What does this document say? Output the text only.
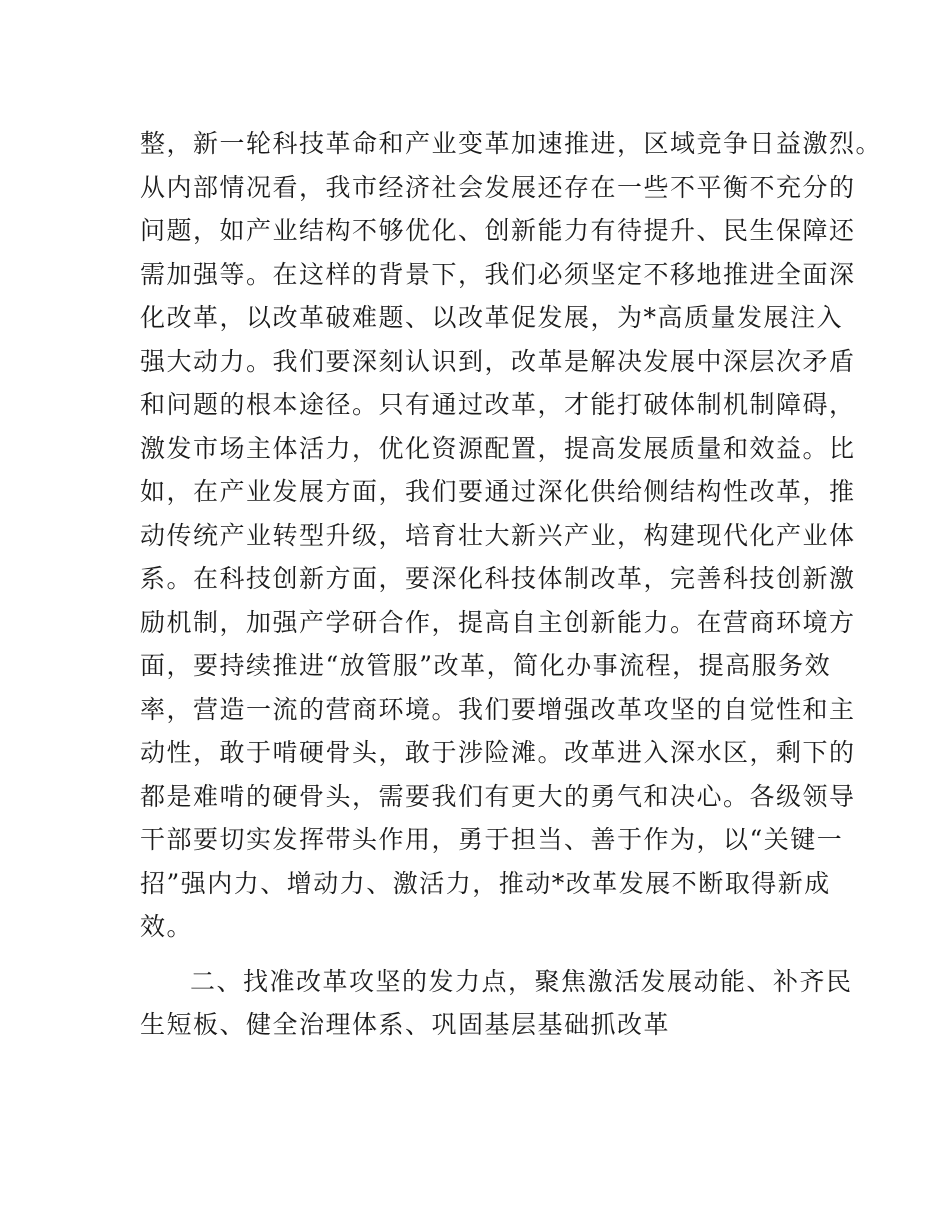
整，新一轮科技革命和产业变革加速推进，区域竞争日益激烈。
从内部情况看，我市经济社会发展还存在一些不平衡不充分的
问题，如产业结构不够优化、创新能力有待提升、民生保障还
需加强等。在这样的背景下，我们必须坚定不移地推进全面深
化改革，以改革破难题、以改革促发展，为*高质量发展注入
强大动力。我们要深刻认识到，改革是解决发展中深层次矛盾
和问题的根本途径。只有通过改革，才能打破体制机制障碍，
激发市场主体活力，优化资源配置，提高发展质量和效益。比
如，在产业发展方面，我们要通过深化供给侧结构性改革，推
动传统产业转型升级，培育壮大新兴产业，构建现代化产业体
系。在科技创新方面，要深化科技体制改革，完善科技创新激
励机制，加强产学研合作，提高自主创新能力。在营商环境方
面，要持续推进“放管服”改革，简化办事流程，提高服务效
率，营造一流的营商环境。我们要增强改革攻坚的自觉性和主
动性，敢于啃硬骨头，敢于涉险滩。改革进入深水区，剩下的
都是难啃的硬骨头，需要我们有更大的勇气和决心。各级领导
干部要切实发挥带头作用，勇于担当、善于作为，以“关键一
招”强内力、增动力、激活力，推动*改革发展不断取得新成
效。
二、找准改革攻坚的发力点，聚焦激活发展动能、补齐民
生短板、健全治理体系、巩固基层基础抓改革
